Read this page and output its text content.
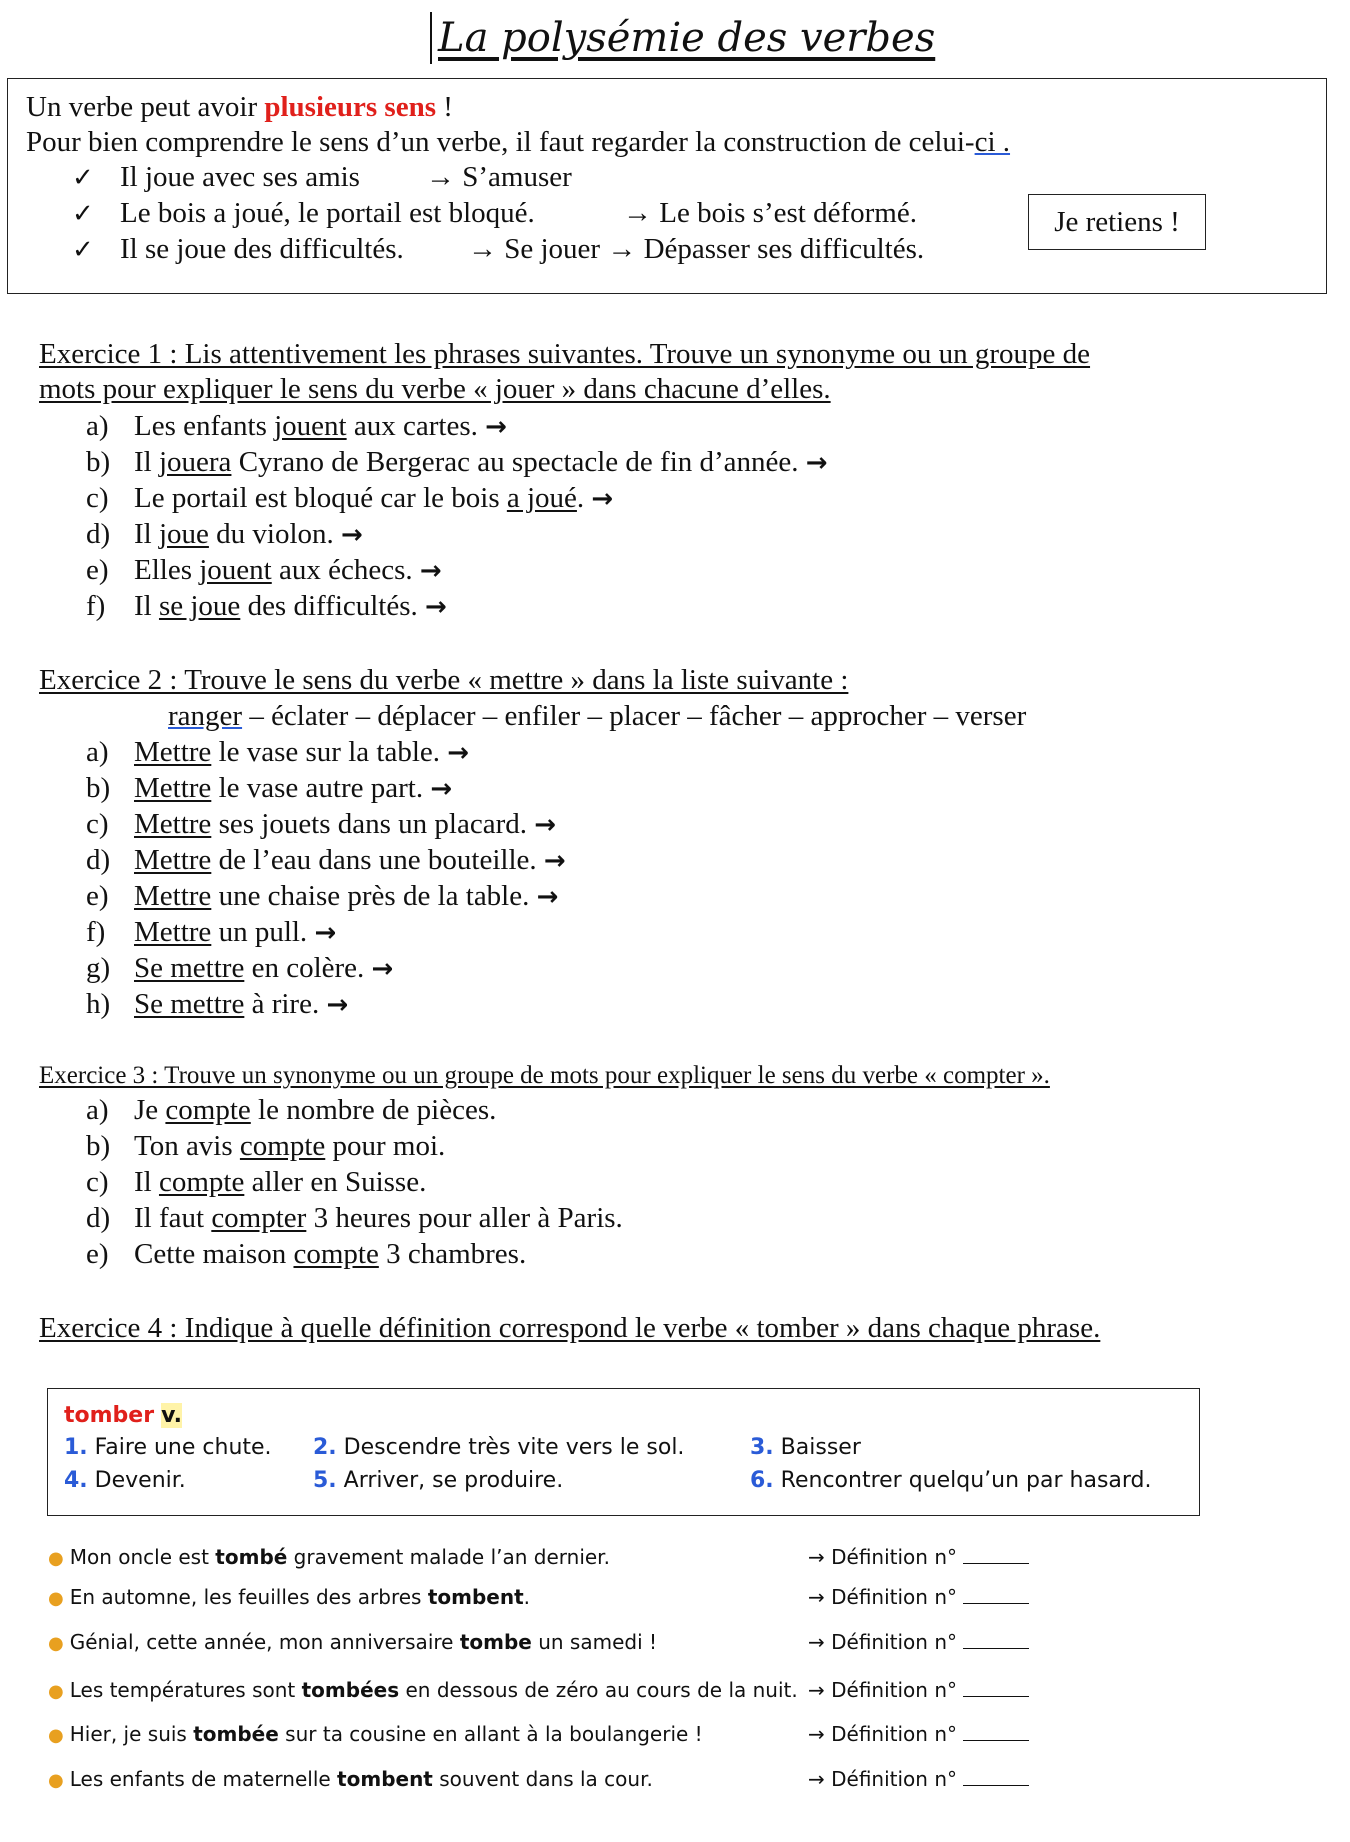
La polysémie des verbes
Un verbe peut avoir plusieurs sens !
Pour bien comprendre le sens d’un verbe, il faut regarder la construction de celui-ci .
✓ Il joue avec ses amis → S’amuser
✓ Le bois a joué, le portail est bloqué.	→ Le bois s’est déformé.
✓ Il se joue des difficultés. → Se jouer → Dépasser ses difficultés.
Je retiens !
Exercice 1 : Lis attentivement les phrases suivantes. Trouve un synonyme ou un groupe de
mots pour expliquer le sens du verbe « jouer » dans chacune d’elles.
a) Les enfants jouent aux cartes. →
b) Il jouera Cyrano de Bergerac au spectacle de fin d’année. →
c) Le portail est bloqué car le bois a joué. →
d) Il joue du violon. →
e) Elles jouent aux échecs. →
f) Il se joue des difficultés. →
Exercice 2 : Trouve le sens du verbe « mettre » dans la liste suivante :
ranger – éclater – déplacer – enfiler – placer – fâcher – approcher – verser
a) Mettre le vase sur la table. →
b) Mettre le vase autre part. →
c) Mettre ses jouets dans un placard. →
d) Mettre de l’eau dans une bouteille. →
e) Mettre une chaise près de la table. →
f) Mettre un pull. →
g) Se mettre en colère. →
h) Se mettre à rire. →
Exercice 3 : Trouve un synonyme ou un groupe de mots pour expliquer le sens du verbe « compter ».
a) Je compte le nombre de pièces.
b) Ton avis compte pour moi.
c) Il compte aller en Suisse.
d) Il faut compter 3 heures pour aller à Paris.
e) Cette maison compte 3 chambres.
Exercice 4 : Indique à quelle définition correspond le verbe « tomber » dans chaque phrase.
tomber v.
1. Faire une chute. 2. Descendre très vite vers le sol.	3. Baisser
4. Devenir.	5. Arriver, se produire.	6. Rencontrer quelqu’un par hasard.
● Mon oncle est tombé gravement malade l’an dernier.	→ Définition n°
● En automne, les feuilles des arbres tombent.	→ Définition n°
● Génial, cette année, mon anniversaire tombe un samedi !	→ Définition n°
● Les températures sont tombées en dessous de zéro au cours de la nuit. → Définition n°
● Hier, je suis tombée sur ta cousine en allant à la boulangerie !	→ Définition n°
● Les enfants de maternelle tombent souvent dans la cour.	→ Définition n°
